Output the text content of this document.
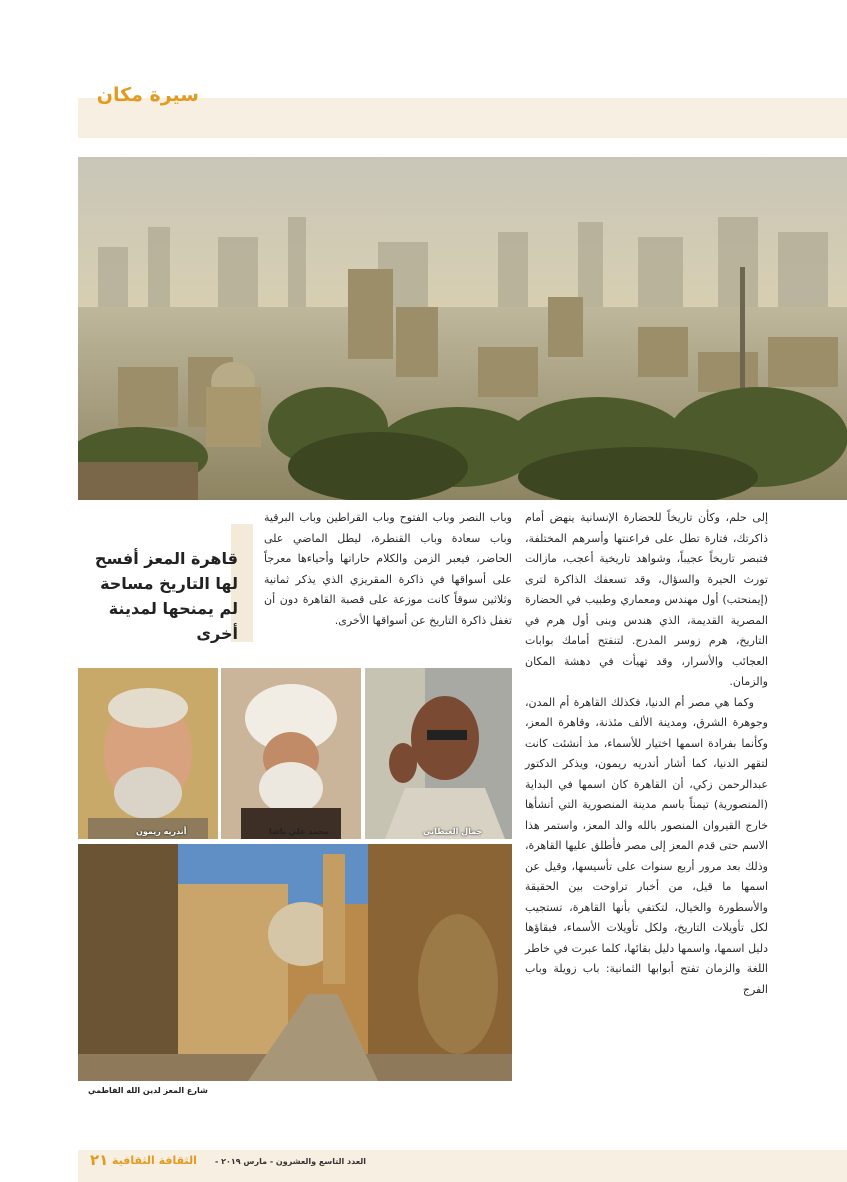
سيرة مكان

إلى حلم، وكأن تاريخاً للحضارة الإنسانية ينهض أمام ذاكرتك، فتارة تطل على فراعنتها وأسرهم المختلفة، فتبصر تاريخاً عجيباً، وشواهد تاريخية أعجب، مازالت تورث الحيرة والسؤال، وقد تسعفك الذاكرة لترى (إيمنحتب) أول مهندس ومعماري وطبيب في الحضارة المصرية القديمة، الذي هندس وبنى أول هرم في التاريخ، هرم زوسر المدرج. لتنفتح أمامك بوابات العجائب والأسرار، وقد تهيأت في دهشة المكان والزمان.

وكما هي مصر أم الدنيا، فكذلك القاهرة أم المدن، وجوهرة الشرق، ومدينة الألف مئذنة، وقاهرة المعز، وكأنما بفرادة اسمها اختيار للأسماء، مذ أنشئت كانت لتقهر الدنيا، كما أشار أندريه ريمون، ويذكر الدكتور عبدالرحمن زكي، أن القاهرة كان اسمها في البداية (المنصورية) تيمناً باسم مدينة المنصورية التي أنشأها خارج القيروان المنصور بالله والد المعز، واستمر هذا الاسم حتى قدم المعز إلى مصر فأطلق عليها القاهرة، وذلك بعد مرور أربع سنوات على تأسيسها، وقيل عن اسمها ما قيل، من أخبار تراوحت بين الحقيقة والأسطورة والخيال، لتكتفي بأنها القاهرة، تستجيب لكل تأويلات التاريخ، ولكل تأويلات الأسماء، فبقاؤها دليل اسمها، واسمها دليل بقائها، كلما عبرت في خاطر اللغة والزمان تفتح أبوابها الثمانية: باب زويلة وباب الفرج

وباب النصر وباب الفتوح وباب القراطين وباب البرقية وباب سعادة وباب القنطرة، ليطل الماضي على الحاضر، فيعبر الزمن والكلام حاراتها وأحياءها معرجاً على أسواقها في ذاكرة المقريزي الذي يذكر ثمانية وثلاثين سوقاً كانت موزعة على قصبة القاهرة دون أن تغفل ذاكرة التاريخ عن أسواقها الأخرى.

قاهرة المعز أفسح لها التاريخ مساحة لم يمنحها لمدينة أخرى
أندريه ريمون	محمد علي باشا	جمال الغيطاني
شارع المعز لدين الله الفاطمي
٢١ الثقافة الثقافية العدد التاسع والعشرون - مارس ٢٠١٩ -
